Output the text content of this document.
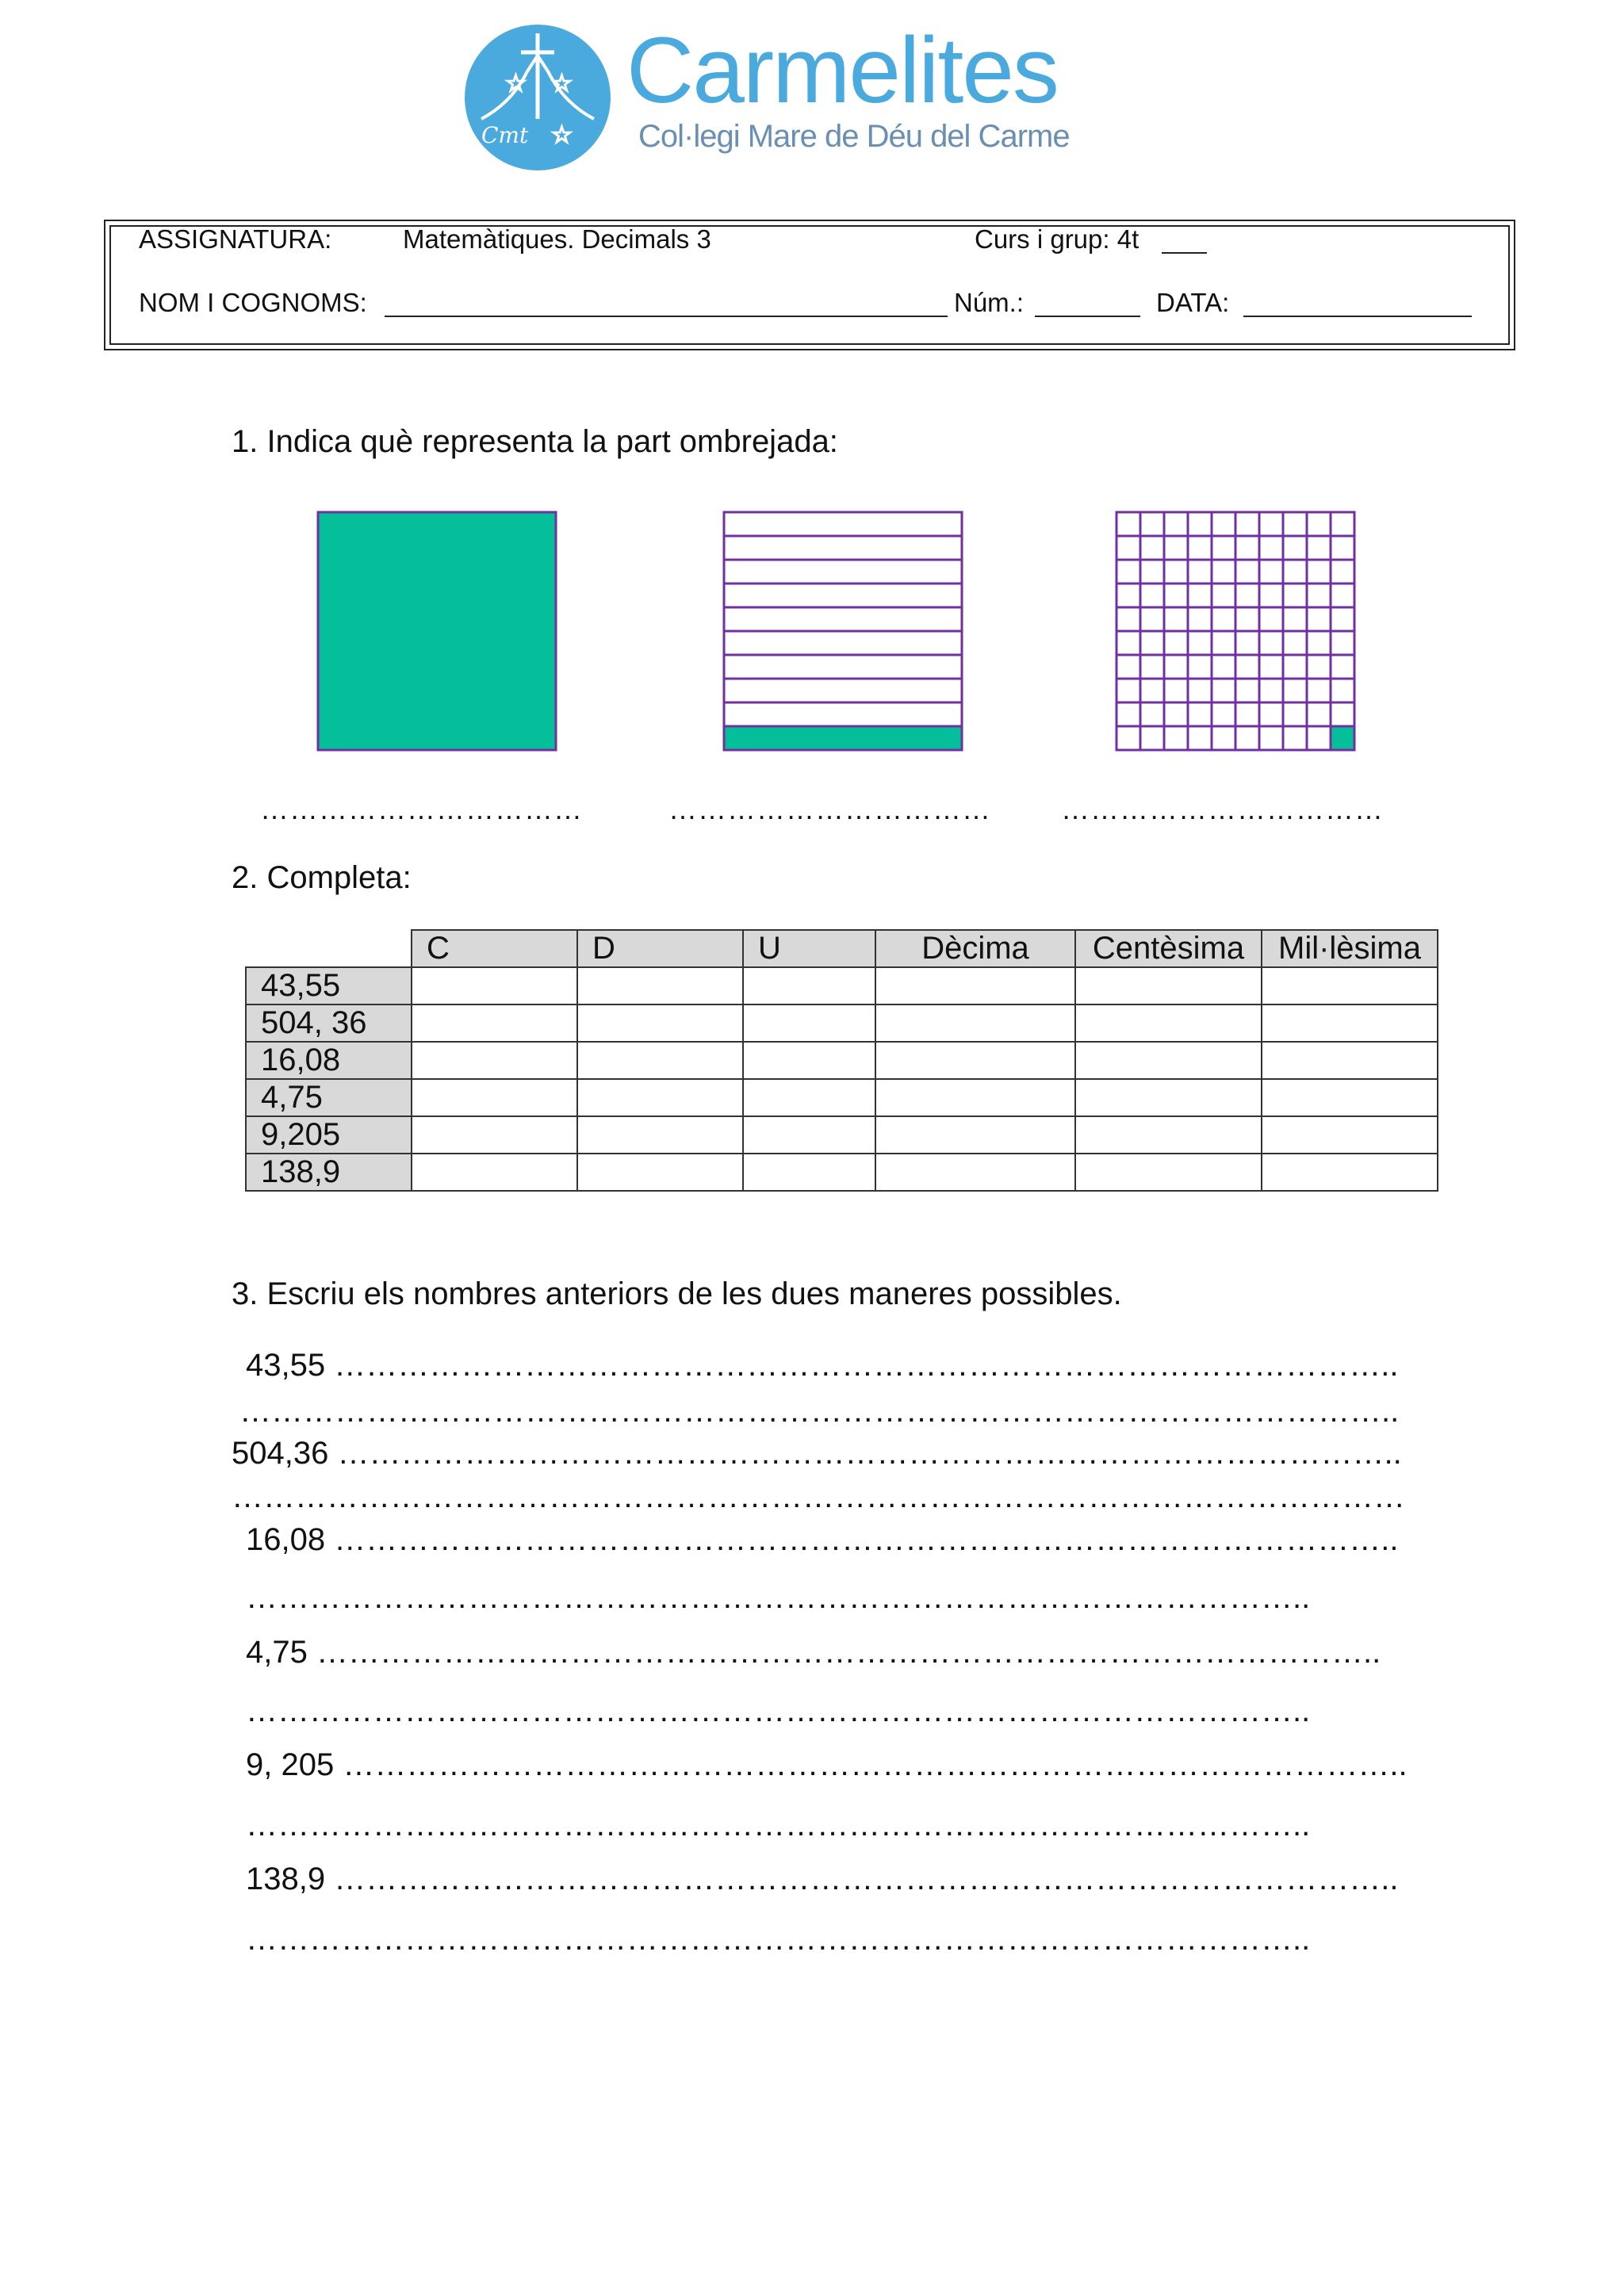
☆ ☆
☆
Cmt
Carmelites
Col·legi Mare de Déu del Carme
ASSIGNATURA:	Matemàtiques. Decimals 3	Curs i grup: 4t
NOM I COGNOMS:	Núm.:	DATA:
1. Indica què representa la part ombrejada:
……………………………	…………………………… ……………………………
2. Completa:
	C	D	U	Dècima	Centèsima	Mil·lèsima
43,55						
504, 36						
16,08						
4,75						
9,205						
138,9						
3. Escriu els nombres anteriors de les dues maneres possibles.
43,55 ………………………………………………………………………………………..
………………………………………………………………………………………………..
504,36 ………………………………………………………………………………………..
…………………………………………………………………………………………………
16,08 ………………………………………………………………………………………..
………………………………………………………………………………………..
4,75 ………………………………………………………………………………………..
………………………………………………………………………………………..
9, 205 ………………………………………………………………………………………..
………………………………………………………………………………………..
138,9 ………………………………………………………………………………………..
………………………………………………………………………………………..
